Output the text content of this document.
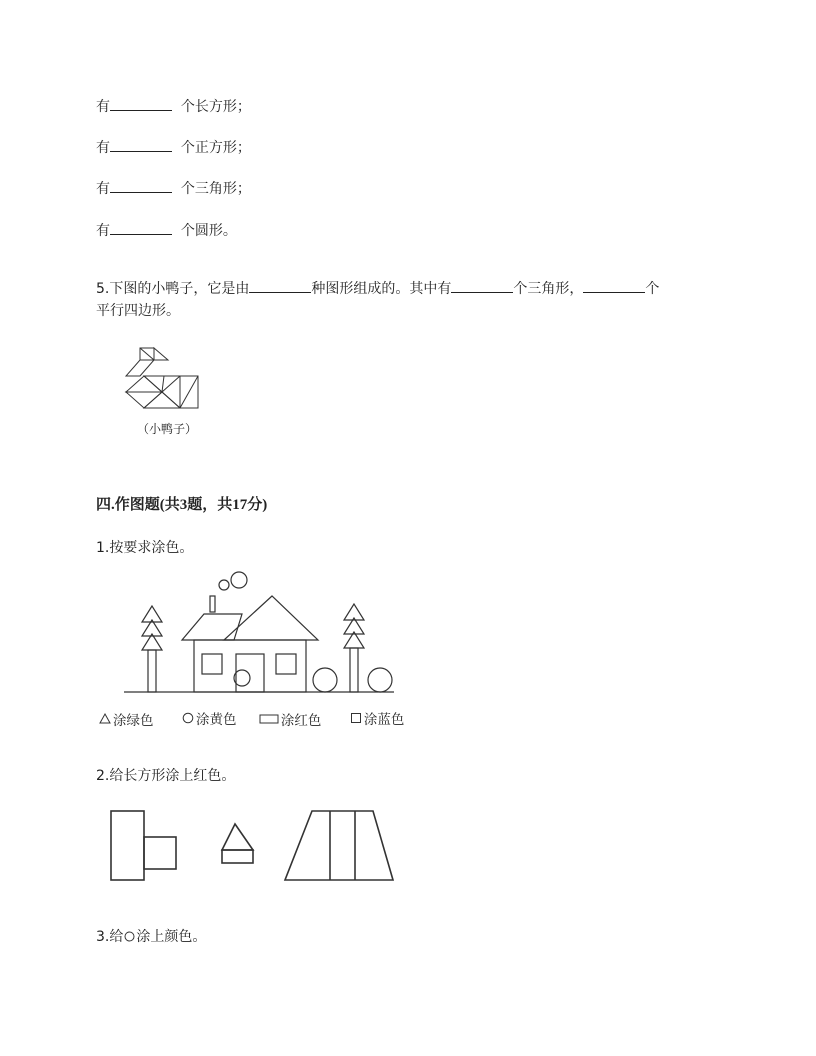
有	个长方形；
有	个正方形；
有	个三角形；
有	个圆形。
5.下图的小鸭子，它是由	种图形组成的。其中有	个三角形，	个
平行四边形。
（小鸭子）
四.作图题(共3题，共17分)
1.按要求涂色。
涂绿色
	涂黄色
	涂红色
	涂蓝色
2.给长方形涂上红色。
3.给 涂上颜色。
